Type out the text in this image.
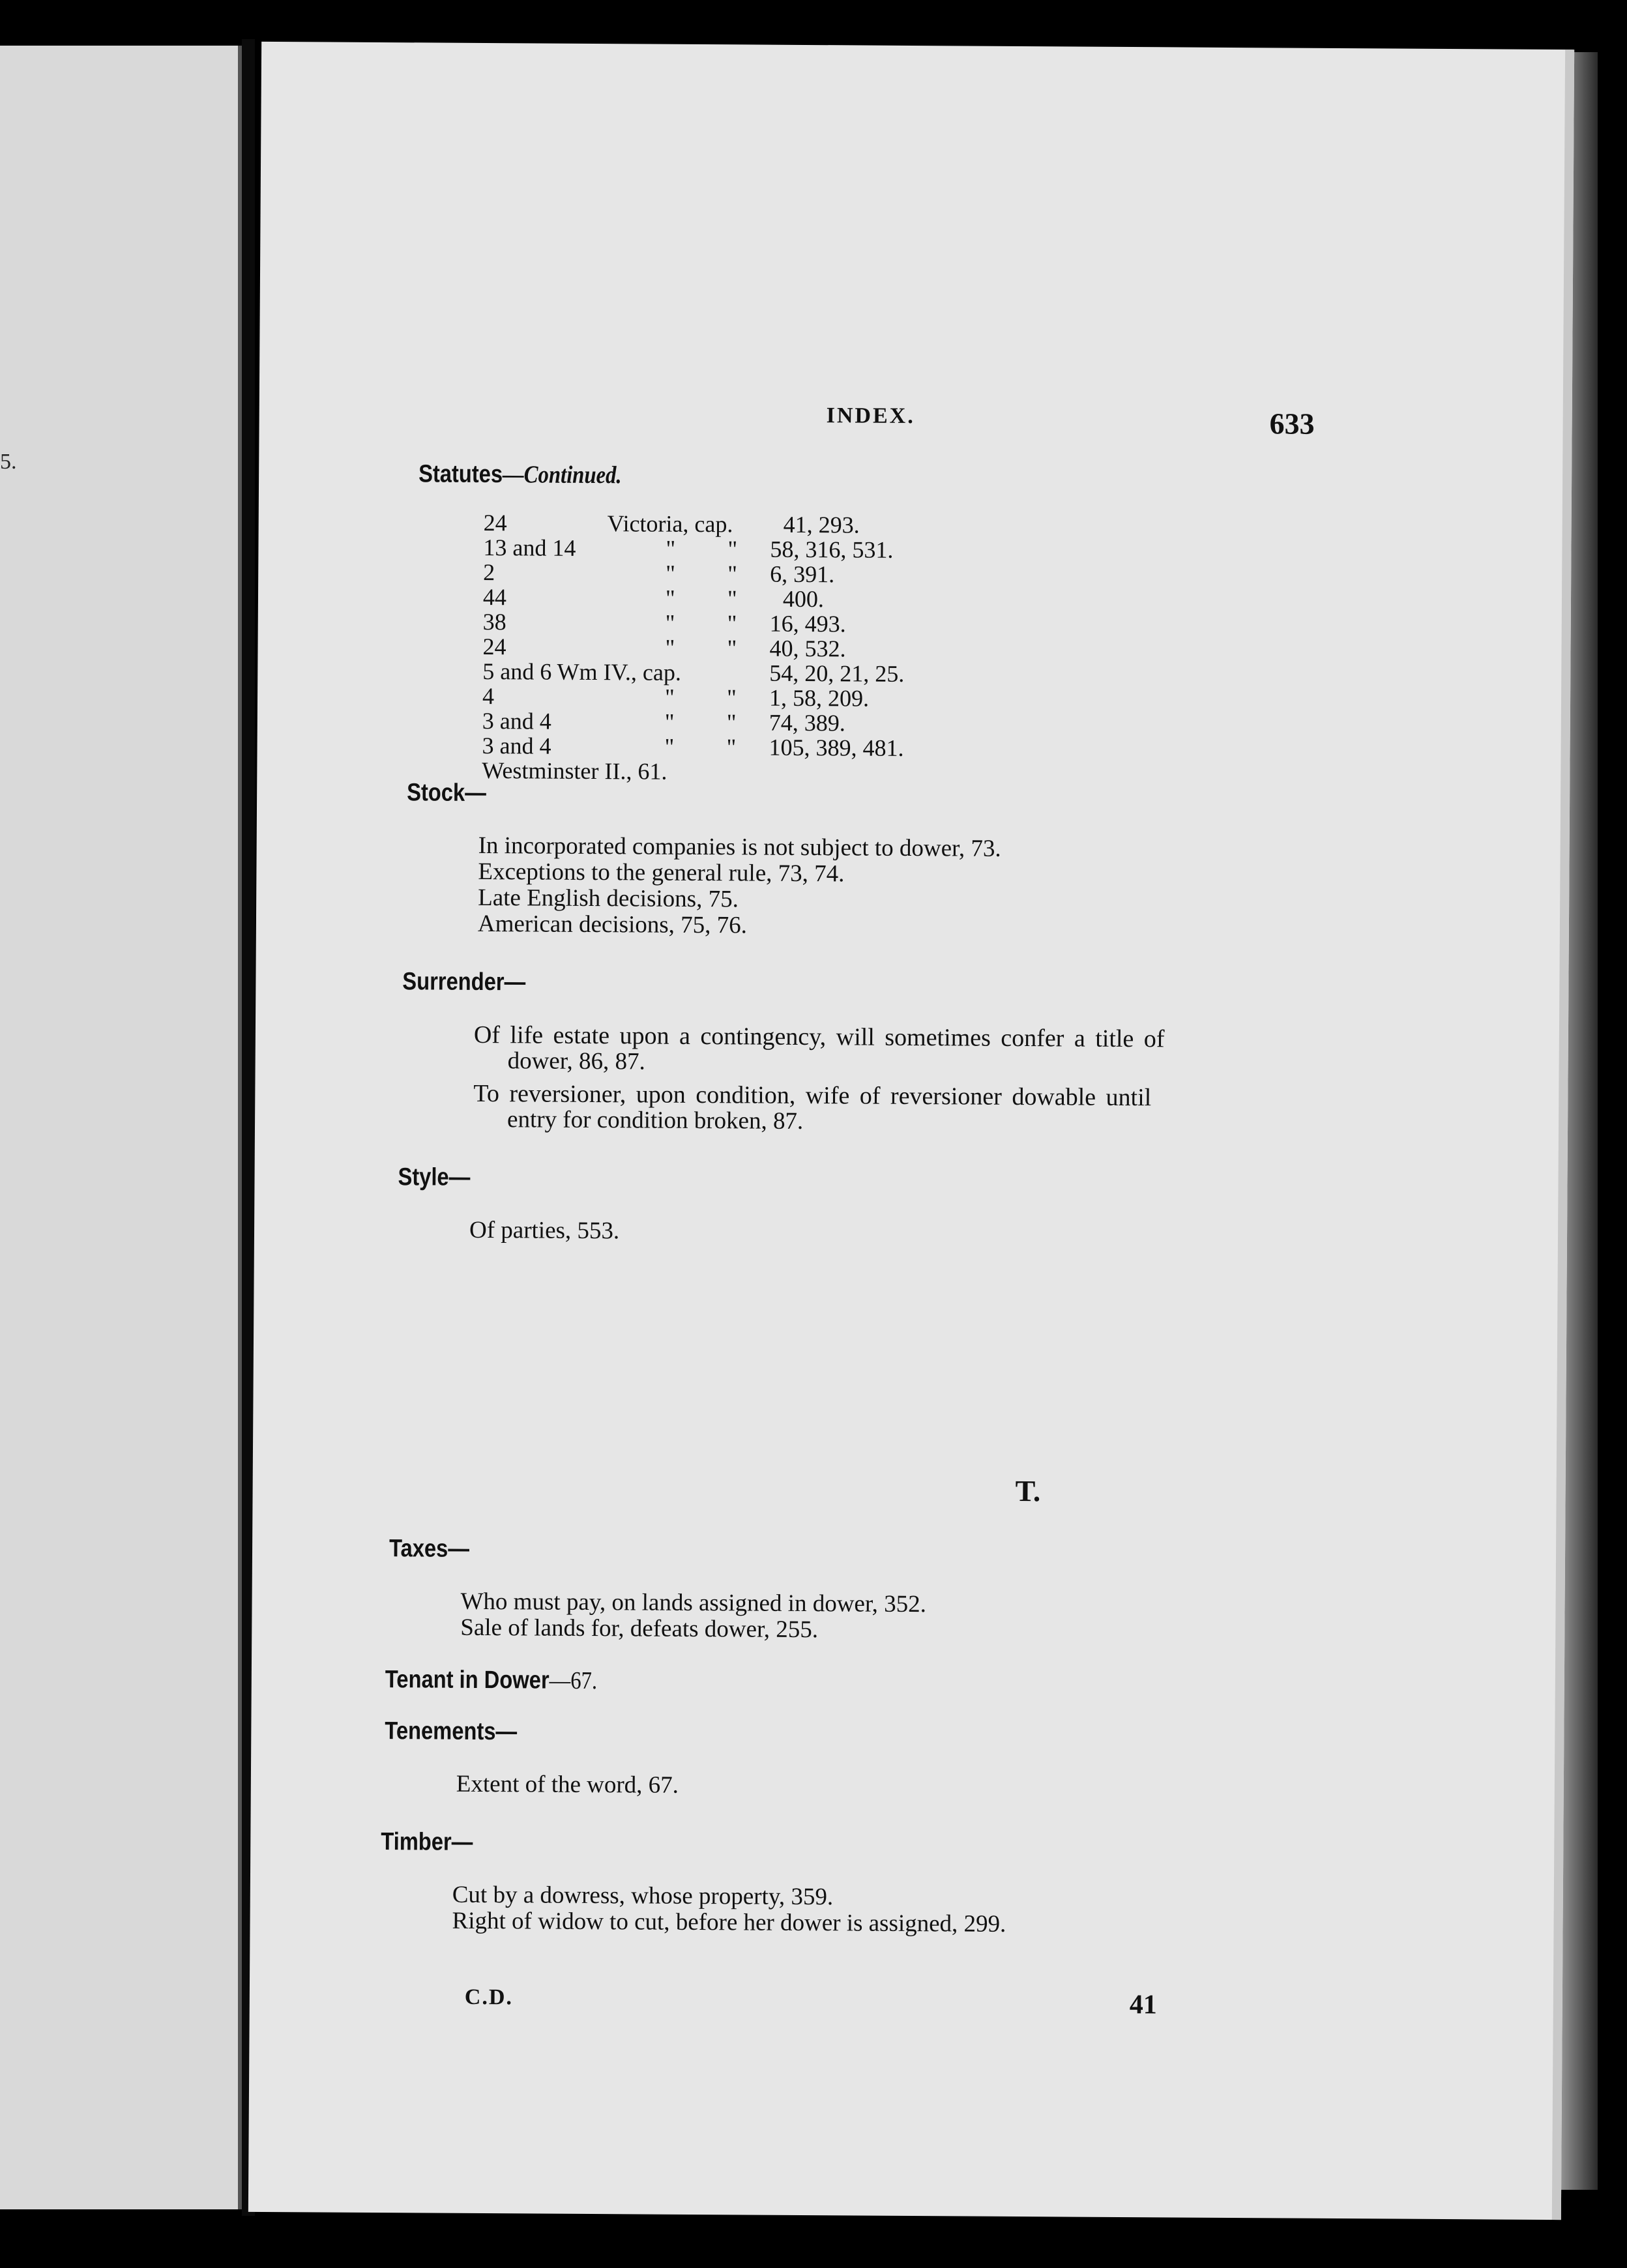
5.
INDEX.	633
Statutes—Continued.
24	Victoria, cap. 41, 293.
13 and 14	" " 58, 316, 531.
2	" " 6, 391.
44	" " 400.
38	" " 16, 493.
24	" " 40, 532.
5 and 6 Wm IV., cap.	54, 20, 21, 25.
4	" " 1, 58, 209.
3 and 4	" " 74, 389.
3 and 4	" " 105, 389, 481.
Westminster II., 61.
Stock—
In incorporated companies is not subject to dower, 73.
Exceptions to the general rule, 73, 74.
Late English decisions, 75.
American decisions, 75, 76.
Surrender—
Of life estate upon a contingency, will sometimes confer a title of
dower, 86, 87.
To reversioner, upon condition, wife of reversioner dowable until
entry for condition broken, 87.
Style—
Of parties, 553.
T.
Taxes—
Who must pay, on lands assigned in dower, 352.
Sale of lands for, defeats dower, 255.
Tenant in Dower—67.
Tenements—
Extent of the word, 67.
Timber—
Cut by a dowress, whose property, 359.
Right of widow to cut, before her dower is assigned, 299.
C.D.	41
